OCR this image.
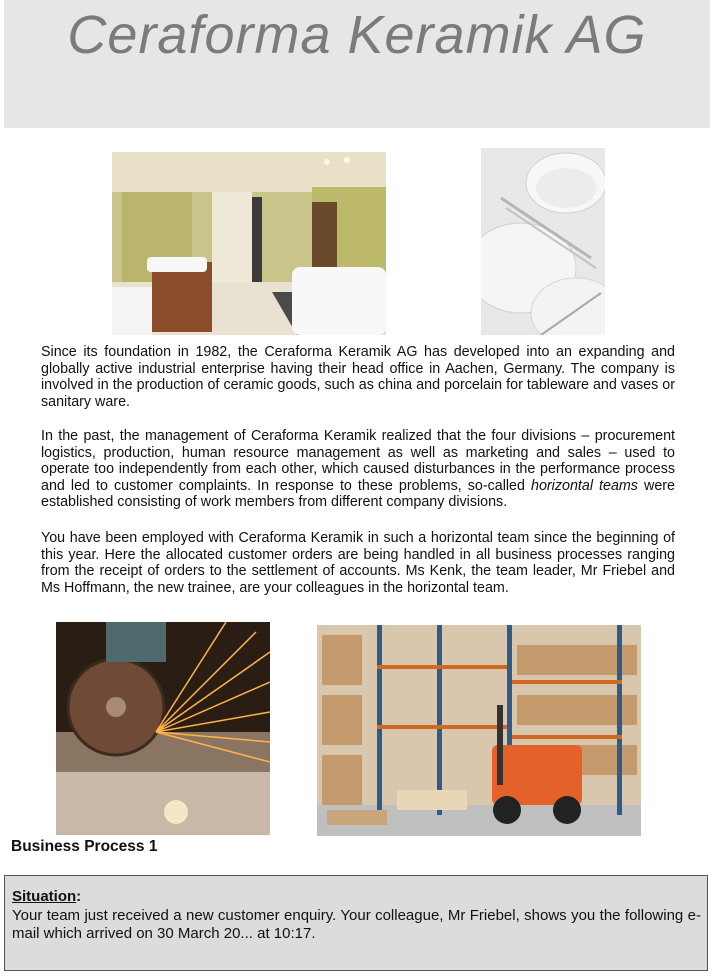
Ceraforma Keramik AG

Since its foundation in 1982, the Ceraforma Keramik AG has developed into an expanding and globally active industrial enterprise having their head office in Aachen, Germany. The company is involved in the production of ceramic goods, such as china and porcelain for tableware and vases or sanitary ware.

In the past, the management of Ceraforma Keramik realized that the four divisions – procurement logistics, production, human resource management as well as marketing and sales – used to operate too independently from each other, which caused disturbances in the performance process and led to customer complaints. In response to these problems, so-called horizontal teams were established consisting of work members from different company divisions.

You have been employed with Ceraforma Keramik in such a horizontal team since the beginning of this year. Here the allocated customer orders are being handled in all business processes ranging from the receipt of orders to the settlement of accounts. Ms Kenk, the team leader, Mr Friebel and Ms Hoffmann, the new trainee, are your colleagues in the horizontal team.

Business Process 1
Situation:

Your team just received a new customer enquiry. Your colleague, Mr Friebel, shows you the following e-mail which arrived on 30 March 20... at 10:17.
